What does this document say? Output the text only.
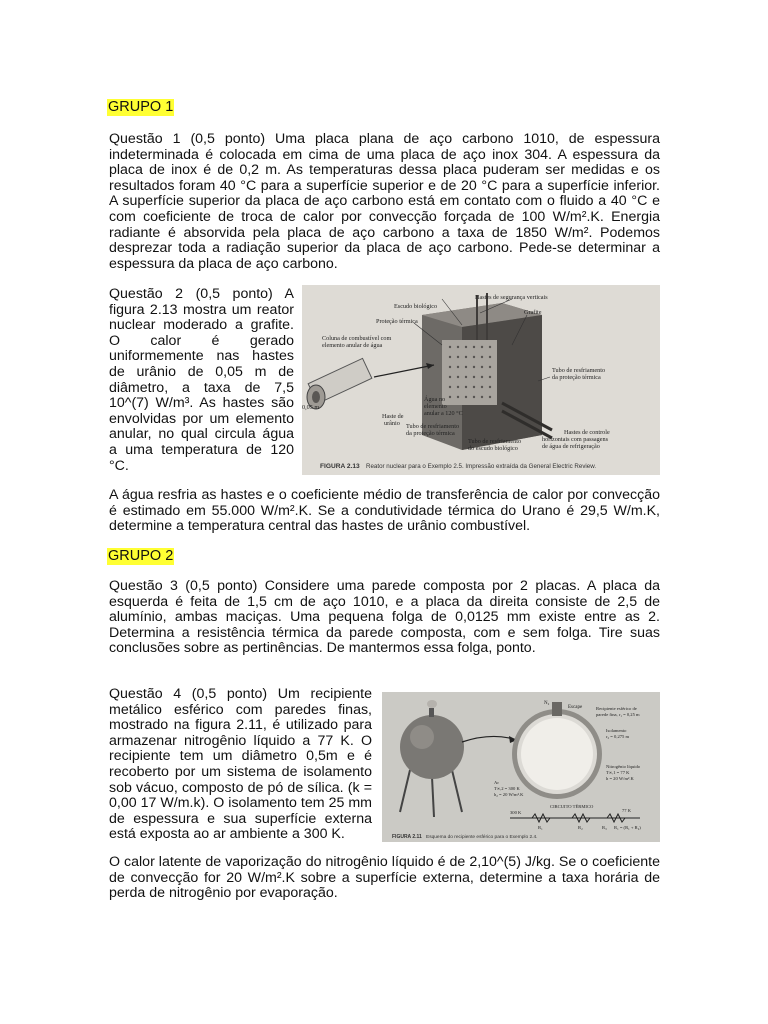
GRUPO 1

Questão 1 (0,5 ponto) Uma placa plana de aço carbono 1010, de espessura indeterminada é colocada em cima de uma placa de aço inox 304. A espessura da placa de inox é de 0,2 m. As temperaturas dessa placa puderam ser medidas e os resultados foram 40 °C para a superfície superior e de 20 °C para a superfície inferior. A superfície superior da placa de aço carbono está em contato com o fluido a 40 °C e com coeficiente de troca de calor por convecção forçada de 100 W/m².K. Energia radiante é absorvida pela placa de aço carbono a taxa de 1850 W/m². Podemos desprezar toda a radiação superior da placa de aço carbono. Pede-se determinar a espessura da placa de aço carbono.

Questão 2 (0,5 ponto) A figura 2.13 mostra um reator nuclear moderado a grafite. O calor é gerado uniformemente nas hastes de urânio de 0,05 m de diâmetro, a taxa de 7,5 10^(7) W/m³. As hastes são envolvidas por um elemento anular, no qual circula água a uma temperatura de 120 °C.

Hastes de segurança verticais
Escudo biológico
Grafite
Proteção térmica
Coluna de combustível com
elemento anular de água
Tubo de resfriamento
da proteção térmica
0,05 m
Haste de
urânio
Água no
elemento
anular a 120 °C
Tubo de resfriamento
da proteção térmica
Tubo de resfriamento
do escudo biológico
Hastes de controle
horizontais com passagens
de água de refrigeração
FIGURA 2.13 Reator nuclear para o Exemplo 2.5. Impressão extraída da General Electric Review.

A água resfria as hastes e o coeficiente médio de transferência de calor por convecção é estimado em 55.000 W/m².K. Se a condutividade térmica do Urano é 29,5 W/m.K, determine a temperatura central das hastes de urânio combustível.

GRUPO 2

Questão 3 (0,5 ponto) Considere uma parede composta por 2 placas. A placa da esquerda é feita de 1,5 cm de aço 1010, e a placa da direita consiste de 2,5 de alumínio, ambas maciças. Uma pequena folga de 0,0125 mm existe entre as 2. Determina a resistência térmica da parede composta, com e sem folga. Tire suas conclusões sobre as pertinências. De mantermos essa folga, ponto.

Questão 4 (0,5 ponto) Um recipiente metálico esférico com paredes finas, mostrado na figura 2.11, é utilizado para armazenar nitrogênio líquido a 77 K. O recipiente tem um diâmetro 0,5m e é recoberto por um sistema de isolamento sob vácuo, composto de pó de sílica. (k = 0,00 17 W/m.k). O isolamento tem 25 mm de espessura e sua superfície externa está exposta ao ar ambiente a 300 K.

N₂
Escape	Recipiente esférico de
parede fina, r₁ = 0,25 m
Isolamento
r₂ = 0,275 m
Nitrogênio líquido
T∞,1 = 77 K
h = 20 W/m².K
Ar
T∞,2 = 300 K
h₂ = 20 W/m².K
CIRCUITO TÉRMICO
300 K	77 K
R₁	R₂	R₃ R₁ = (R₁ + R₂)
FIGURA 2.11 Esquema do recipiente esférico para o Exemplo 2.4.

O calor latente de vaporização do nitrogênio líquido é de 2,10^(5) J/kg. Se o coeficiente de convecção for 20 W/m².K sobre a superfície externa, determine a taxa horária de perda de nitrogênio por evaporação.
